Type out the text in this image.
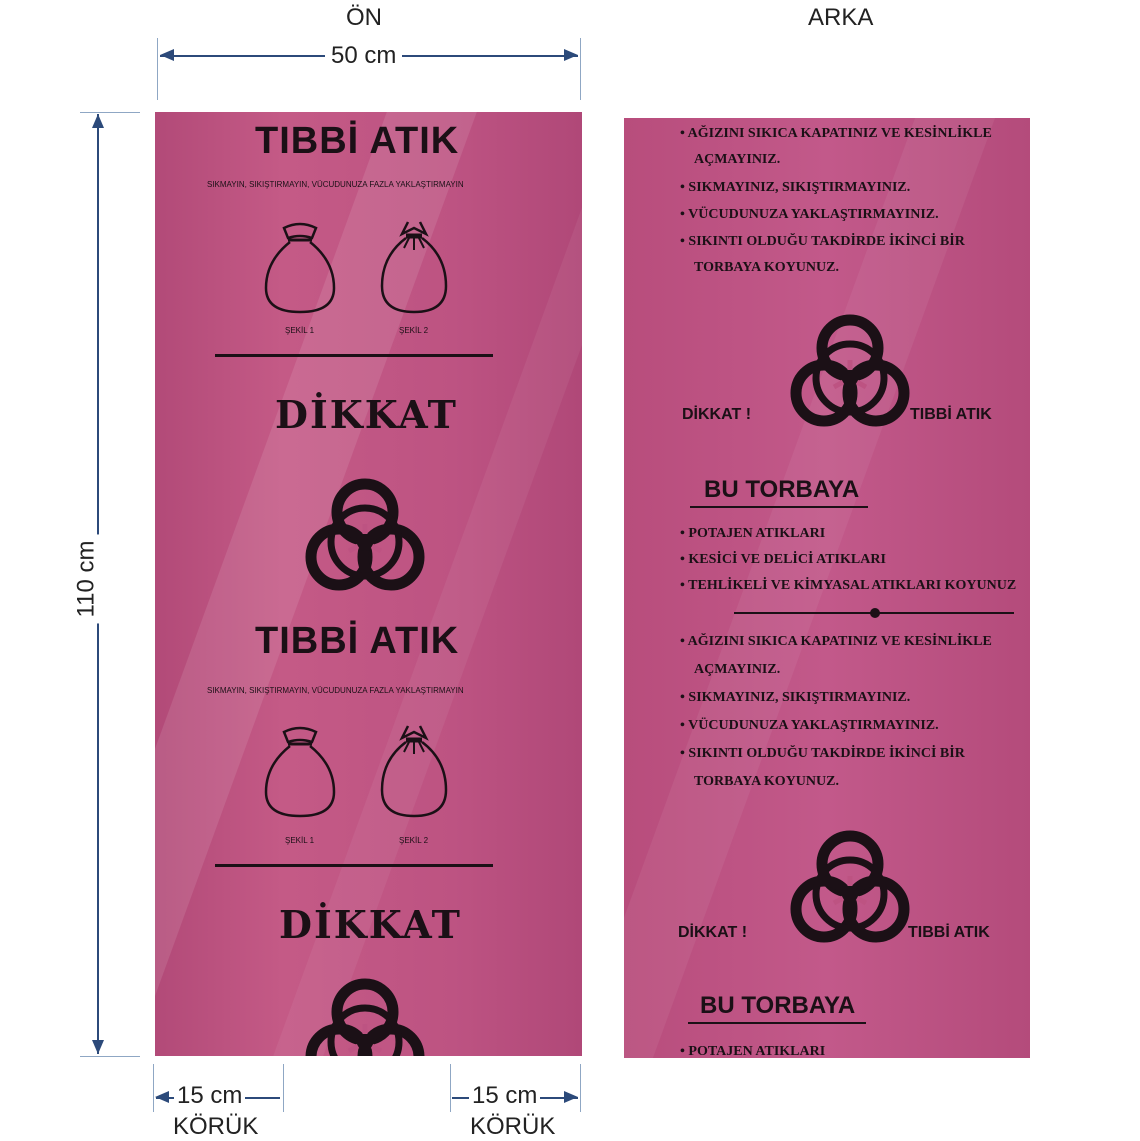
ÖN	ARKA
50 cm
110 cm
15 cm
KÖRÜK
15 cm
KÖRÜK
TIBBİ ATIK
SIKMAYIN, SIKIŞTIRMAYIN, VÜCUDUNUZA FAZLA YAKLAŞTIRMAYIN
ŞEKİL 1	ŞEKİL 2
DİKKAT
TIBBİ ATIK
SIKMAYIN, SIKIŞTIRMAYIN, VÜCUDUNUZA FAZLA YAKLAŞTIRMAYIN
ŞEKİL 1	ŞEKİL 2
DİKKAT
• AĞIZINI SIKICA KAPATINIZ VE KESİNLİKLE
AÇMAYINIZ.
• SIKMAYINIZ, SIKIŞTIRMAYINIZ.
• VÜCUDUNUZA YAKLAŞTIRMAYINIZ.
• SIKINTI OLDUĞU TAKDİRDE İKİNCİ BİR
TORBAYA KOYUNUZ.
DİKKAT !	TIBBİ ATIK
BU TORBAYA
• POTAJEN ATIKLARI
• KESİCİ VE DELİCİ ATIKLARI
• TEHLİKELİ VE KİMYASAL ATIKLARI KOYUNUZ
• AĞIZINI SIKICA KAPATINIZ VE KESİNLİKLE
AÇMAYINIZ.
• SIKMAYINIZ, SIKIŞTIRMAYINIZ.
• VÜCUDUNUZA YAKLAŞTIRMAYINIZ.
• SIKINTI OLDUĞU TAKDİRDE İKİNCİ BİR
TORBAYA KOYUNUZ.
DİKKAT !	TIBBİ ATIK
BU TORBAYA
• POTAJEN ATIKLARI
